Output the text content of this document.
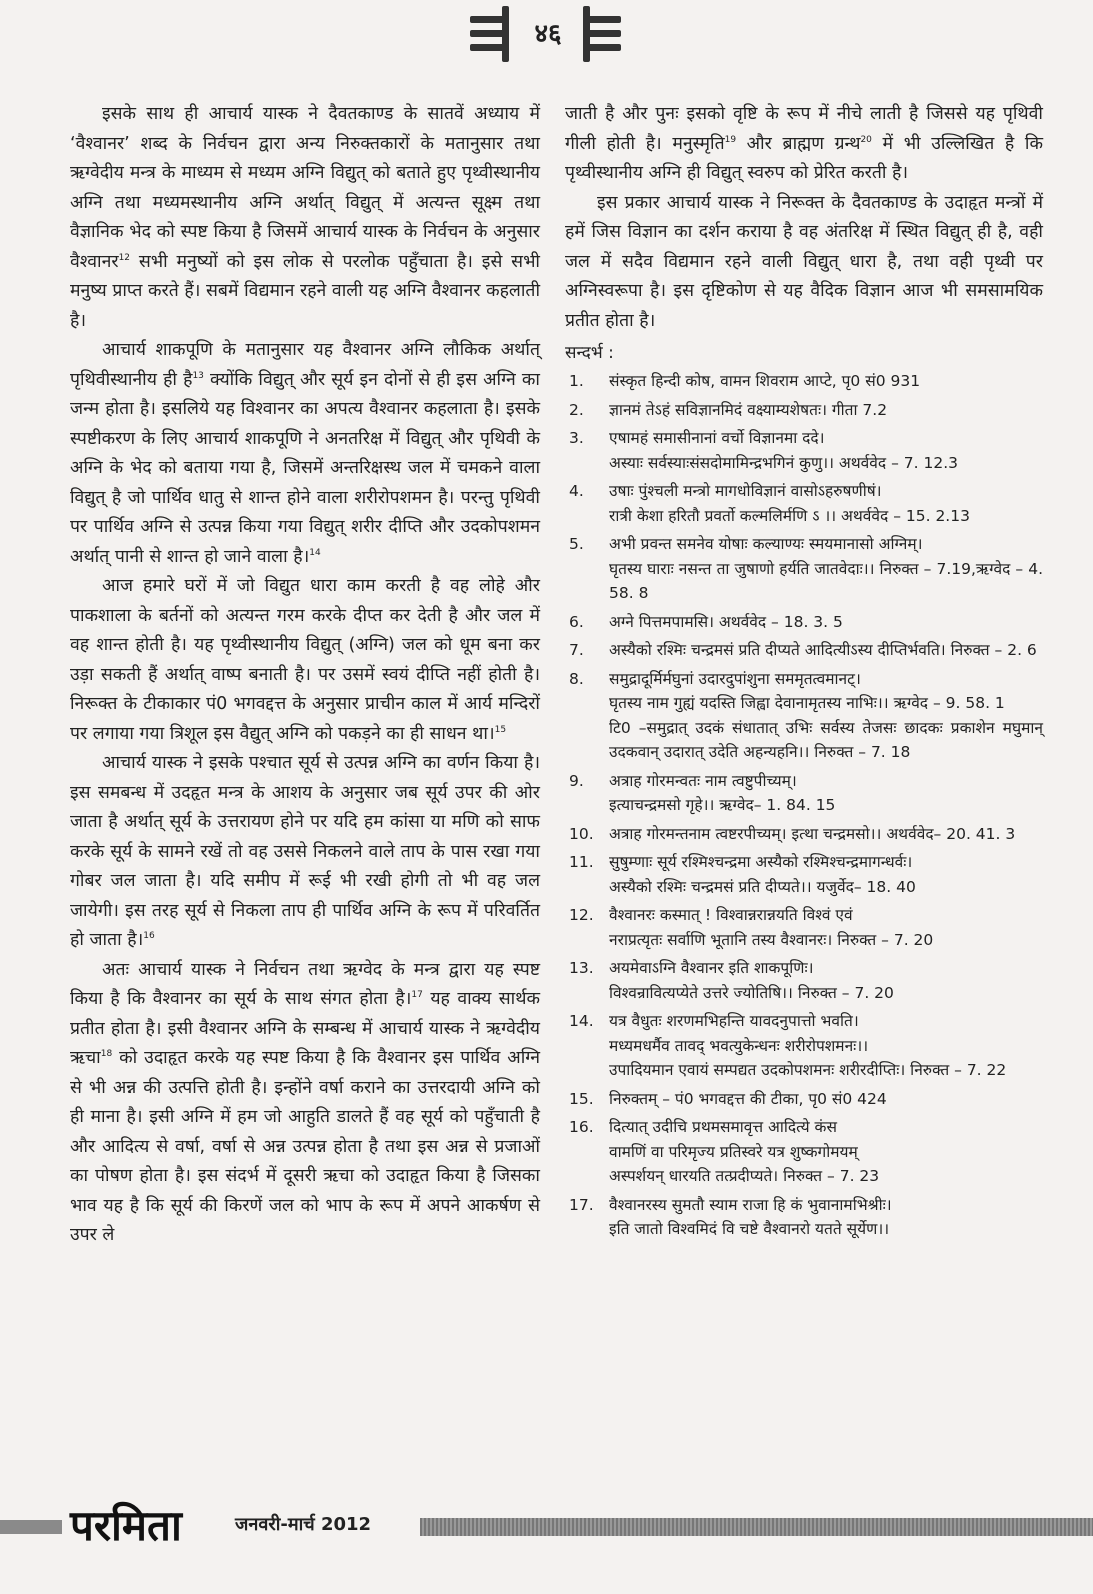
४६

इसके साथ ही आचार्य यास्क ने दैवतकाण्ड के सातवें अध्याय में ‘वैश्वानर’ शब्द के निर्वचन द्वारा अन्य निरुक्तकारों के मतानुसार तथा ऋग्वेदीय मन्त्र के माध्यम से मध्यम अग्नि विद्युत् को बताते हुए पृथ्वीस्थानीय अग्नि तथा मध्यमस्थानीय अग्नि अर्थात् विद्युत् में अत्यन्त सूक्ष्म तथा वैज्ञानिक भेद को स्पष्ट किया है जिसमें आचार्य यास्क के निर्वचन के अनुसार वैश्वानर$^{12}$ सभी मनुष्यों को इस लोक से परलोक पहुँचाता है। इसे सभी मनुष्य प्राप्त करते हैं। सबमें विद्यमान रहने वाली यह अग्नि वैश्वानर कहलाती है।

आचार्य शाकपूणि के मतानुसार यह वैश्वानर अग्नि लौकिक अर्थात् पृथिवीस्थानीय ही है$^{13}$ क्योंकि विद्युत् और सूर्य इन दोनों से ही इस अग्नि का जन्म होता है। इसलिये यह विश्वानर का अपत्य वैश्वानर कहलाता है। इसके स्पष्टीकरण के लिए आचार्य शाकपूणि ने अनतरिक्ष में विद्युत् और पृथिवी के अग्नि के भेद को बताया गया है, जिसमें अन्तरिक्षस्थ जल में चमकने वाला विद्युत् है जो पार्थिव धातु से शान्त होने वाला शरीरोपशमन है। परन्तु पृथिवी पर पार्थिव अग्नि से उत्पन्न किया गया विद्युत् शरीर दीप्ति और उदकोपशमन अर्थात् पानी से शान्त हो जाने वाला है।$^{14}$

आज हमारे घरों में जो विद्युत धारा काम करती है वह लोहे और पाकशाला के बर्तनों को अत्यन्त गरम करके दीप्त कर देती है और जल में वह शान्त होती है। यह पृथ्वीस्थानीय विद्युत् (अग्नि) जल को धूम बना कर उड़ा सकती हैं अर्थात् वाष्प बनाती है। पर उसमें स्वयं दीप्ति नहीं होती है। निरूक्त के टीकाकार पं0 भगवद्दत्त के अनुसार प्राचीन काल में आर्य मन्दिरों पर लगाया गया त्रिशूल इस वैद्युत् अग्नि को पकड़ने का ही साधन था।$^{15}$

आचार्य यास्क ने इसके पश्चात सूर्य से उत्पन्न अग्नि का वर्णन किया है। इस समबन्ध में उदहृत मन्त्र के आशय के अनुसार जब सूर्य उपर की ओर जाता है अर्थात् सूर्य के उत्तरायण होने पर यदि हम कांसा या मणि को साफ करके सूर्य के सामने रखें तो वह उससे निकलने वाले ताप के पास रखा गया गोबर जल जाता है। यदि समीप में रूई भी रखी होगी तो भी वह जल जायेगी। इस तरह सूर्य से निकला ताप ही पार्थिव अग्नि के रूप में परिवर्तित हो जाता है।$^{16}$

अतः आचार्य यास्क ने निर्वचन तथा ऋग्वेद के मन्त्र द्वारा यह स्पष्ट किया है कि वैश्वानर का सूर्य के साथ संगत होता है।$^{17}$ यह वाक्य सार्थक प्रतीत होता है। इसी वैश्वानर अग्नि के सम्बन्ध में आचार्य यास्क ने ऋग्वेदीय ऋचा$^{18}$ को उदाहृत करके यह स्पष्ट किया है कि वैश्वानर इस पार्थिव अग्नि से भी अन्न की उत्पत्ति होती है। इन्होंने वर्षा कराने का उत्तरदायी अग्नि को ही माना है। इसी अग्नि में हम जो आहुति डालते हैं वह सूर्य को पहुँचाती है और आदित्य से वर्षा, वर्षा से अन्न उत्पन्न होता है तथा इस अन्न से प्रजाओं का पोषण होता है। इस संदर्भ में दूसरी ऋचा को उदाहृत किया है जिसका भाव यह है कि सूर्य की किरणें जल को भाप के रूप में अपने आकर्षण से उपर ले

जाती है और पुनः इसको वृष्टि के रूप में नीचे लाती है जिससे यह पृथिवी गीली होती है। मनुस्मृति$^{19}$ और ब्राह्मण ग्रन्थ$^{20}$ में भी उल्लिखित है कि पृथ्वीस्थानीय अग्नि ही विद्युत् स्वरुप को प्रेरित करती है।

इस प्रकार आचार्य यास्क ने निरूक्त के दैवतकाण्ड के उदाहृत मन्त्रों में हमें जिस विज्ञान का दर्शन कराया है वह अंतरिक्ष में स्थित विद्युत् ही है, वही जल में सदैव विद्यमान रहने वाली विद्युत् धारा है, तथा वही पृथ्वी पर अग्निस्वरूपा है। इस दृष्टिकोण से यह वैदिक विज्ञान आज भी समसामयिक प्रतीत होता है।

सन्दर्भ :
1. संस्कृत हिन्दी कोष, वामन शिवराम आप्टे, पृ0 सं0 931
2. ज्ञानमं तेऽहं सविज्ञानमिदं वक्ष्याम्यशेषतः। गीता 7.2
3. एषामहं समासीनानां वर्चो विज्ञानमा ददे।
अस्याः सर्वस्याःसंसदोमामिन्द्रभगिनं कुणु।। अथर्ववेद – 7. 12.3
4. उषाः पुंश्चली मन्त्रो मागधोविज्ञानं वासोऽहरुषणीषं।
रात्री केशा हरितौ प्रवर्तो कल्मलिर्मणि ऽ ।। अथर्ववेद – 15. 2.13
5. अभी प्रवन्त समनेव योषाः कल्याण्यः स्मयमानासो अग्निम्।
घृतस्य घाराः नसन्त ता जुषाणो हर्यति जातवेदाः।। निरुक्त – 7.19,ऋग्वेद – 4. 58. 8
6. अग्ने पित्तमपामसि। अथर्ववेद – 18. 3. 5
7. अस्यैको रश्मिः चन्द्रमसं प्रति दीप्यते आदित्यीऽस्य दीप्तिर्भवति। निरुक्त – 2. 6
8. समुद्रादूर्मिर्मघुनां उदारदुपांशुना सममृतत्वमानट्।
घृतस्य नाम गुह्यं यदस्ति जिह्वा देवानामृतस्य नाभिः।। ऋग्वेद – 9. 58. 1
टि0 –समुद्रात् उदकं संधातात् उभिः सर्वस्य तेजसः छादकः प्रकाशेन मघुमान् उदकवान् उदारात् उदेति अहन्यहनि।। निरुक्त – 7. 18
9. अत्राह गोरमन्वतः नाम त्वष्टुपीच्यम्।
इत्याचन्द्रमसो गृहे।। ऋग्वेद– 1. 84. 15
10. अत्राह गोरमन्तनाम त्वष्टरपीच्यम्। इत्था चन्द्रमसो।। अथर्ववेद– 20. 41. 3
11. सुषुम्णाः सूर्य रश्मिश्चन्द्रमा अस्यैको रश्मिश्चन्द्रमागन्धर्वः।
अस्यैको रश्मिः चन्द्रमसं प्रति दीप्यते।। यजुर्वेद– 18. 40
12. वैश्वानरः कस्मात् ! विश्वान्नरान्नयति विश्वं एवं
नराप्रत्यृतः सर्वाणि भूतानि तस्य वैश्वानरः। निरुक्त – 7. 20
13. अयमेवाऽग्नि वैश्वानर इति शाकपूणिः।
विश्वन्रावित्यप्येते उत्तरे ज्योतिषि।। निरुक्त – 7. 20
14. यत्र वैधुतः शरणमभिहन्ति यावदनुपात्तो भवति।
मध्यमधर्मैव तावद् भवत्युकेन्धनः शरीरोपशमनः।।
उपादियमान एवायं सम्पद्यत उदकोपशमनः शरीरदीप्तिः। निरुक्त – 7. 22
15. निरुक्तम् – पं0 भगवद्दत्त की टीका, पृ0 सं0 424
16. दित्यात् उदीचि प्रथमसमावृत्त आदित्ये कंस
वामणिं वा परिमृज्य प्रतिस्वरे यत्र शुष्कगोमयम्
अस्पर्शयन् धारयति तत्प्रदीप्यते। निरुक्त – 7. 23
17. वैश्वानरस्य सुमतौ स्याम राजा हि कं भुवानामभिश्रीः।
इति जातो विश्वमिदं वि चष्टे वैश्वानरो यतते सूर्येण।।
परमिता	जनवरी-मार्च 2012
